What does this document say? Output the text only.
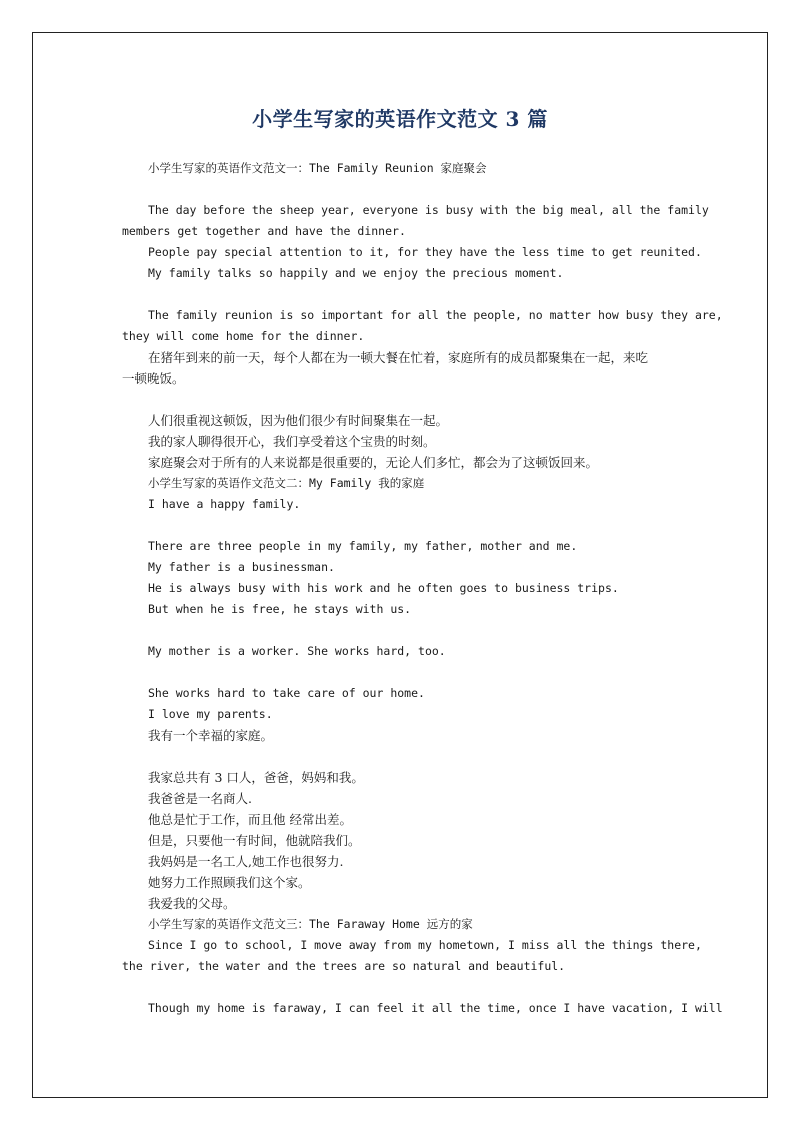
小学生写家的英语作文范文 3 篇
小学生写家的英语作文范文一：The Family Reunion 家庭聚会
The day before the sheep year, everyone is busy with the big meal, all the family
members get together and have the dinner.
People pay special attention to it, for they have the less time to get reunited.
My family talks so happily and we enjoy the precious moment.
The family reunion is so important for all the people, no matter how busy they are,
they will come home for the dinner.
在猪年到来的前一天，每个人都在为一顿大餐在忙着，家庭所有的成员都聚集在一起，来吃
一顿晚饭。
人们很重视这顿饭，因为他们很少有时间聚集在一起。
我的家人聊得很开心，我们享受着这个宝贵的时刻。
家庭聚会对于所有的人来说都是很重要的，无论人们多忙，都会为了这顿饭回来。
小学生写家的英语作文范文二：My Family 我的家庭
I have a happy family.
There are three people in my family, my father, mother and me.
My father is a businessman.
He is always busy with his work and he often goes to business trips.
But when he is free, he stays with us.
My mother is a worker. She works hard, too.
She works hard to take care of our home.
I love my parents.
我有一个幸福的家庭。
我家总共有 3 口人，爸爸，妈妈和我。
我爸爸是一名商人.
他总是忙于工作，而且他 经常出差。
但是，只要他一有时间，他就陪我们。
我妈妈是一名工人,她工作也很努力.
她努力工作照顾我们这个家。
我爱我的父母。
小学生写家的英语作文范文三：The Faraway Home 远方的家
Since I go to school, I move away from my hometown, I miss all the things there,
the river, the water and the trees are so natural and beautiful.
Though my home is faraway, I can feel it all the time, once I have vacation, I will
